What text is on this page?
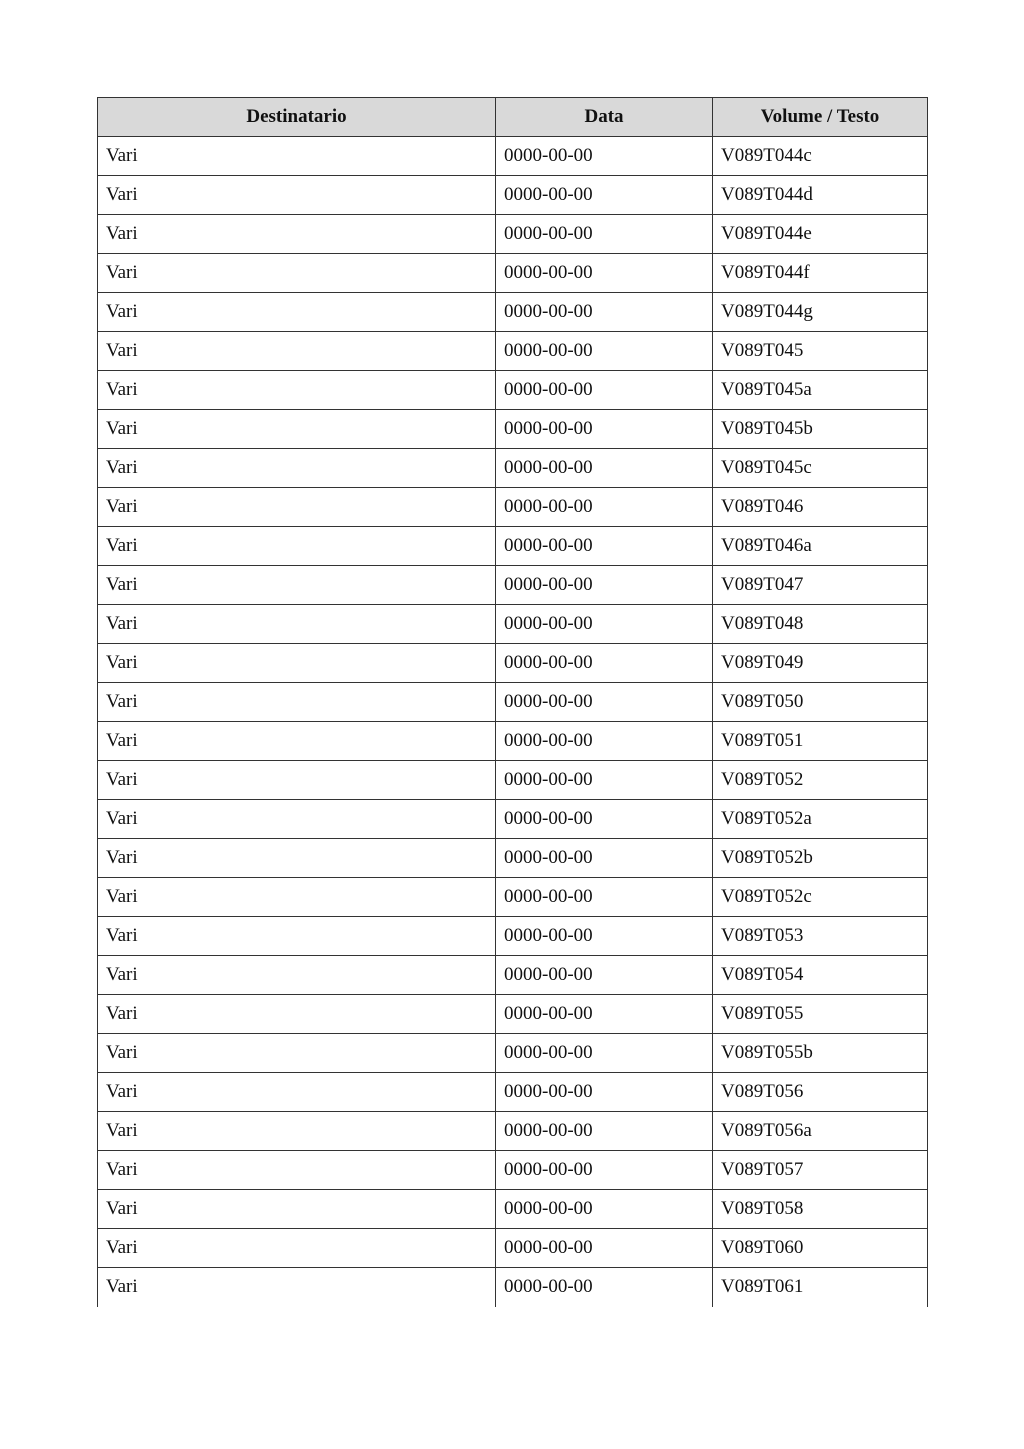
Destinatario	Data	Volume / Testo
Vari	0000-00-00	V089T044c
Vari	0000-00-00	V089T044d
Vari	0000-00-00	V089T044e
Vari	0000-00-00	V089T044f
Vari	0000-00-00	V089T044g
Vari	0000-00-00	V089T045
Vari	0000-00-00	V089T045a
Vari	0000-00-00	V089T045b
Vari	0000-00-00	V089T045c
Vari	0000-00-00	V089T046
Vari	0000-00-00	V089T046a
Vari	0000-00-00	V089T047
Vari	0000-00-00	V089T048
Vari	0000-00-00	V089T049
Vari	0000-00-00	V089T050
Vari	0000-00-00	V089T051
Vari	0000-00-00	V089T052
Vari	0000-00-00	V089T052a
Vari	0000-00-00	V089T052b
Vari	0000-00-00	V089T052c
Vari	0000-00-00	V089T053
Vari	0000-00-00	V089T054
Vari	0000-00-00	V089T055
Vari	0000-00-00	V089T055b
Vari	0000-00-00	V089T056
Vari	0000-00-00	V089T056a
Vari	0000-00-00	V089T057
Vari	0000-00-00	V089T058
Vari	0000-00-00	V089T060
Vari	0000-00-00	V089T061
